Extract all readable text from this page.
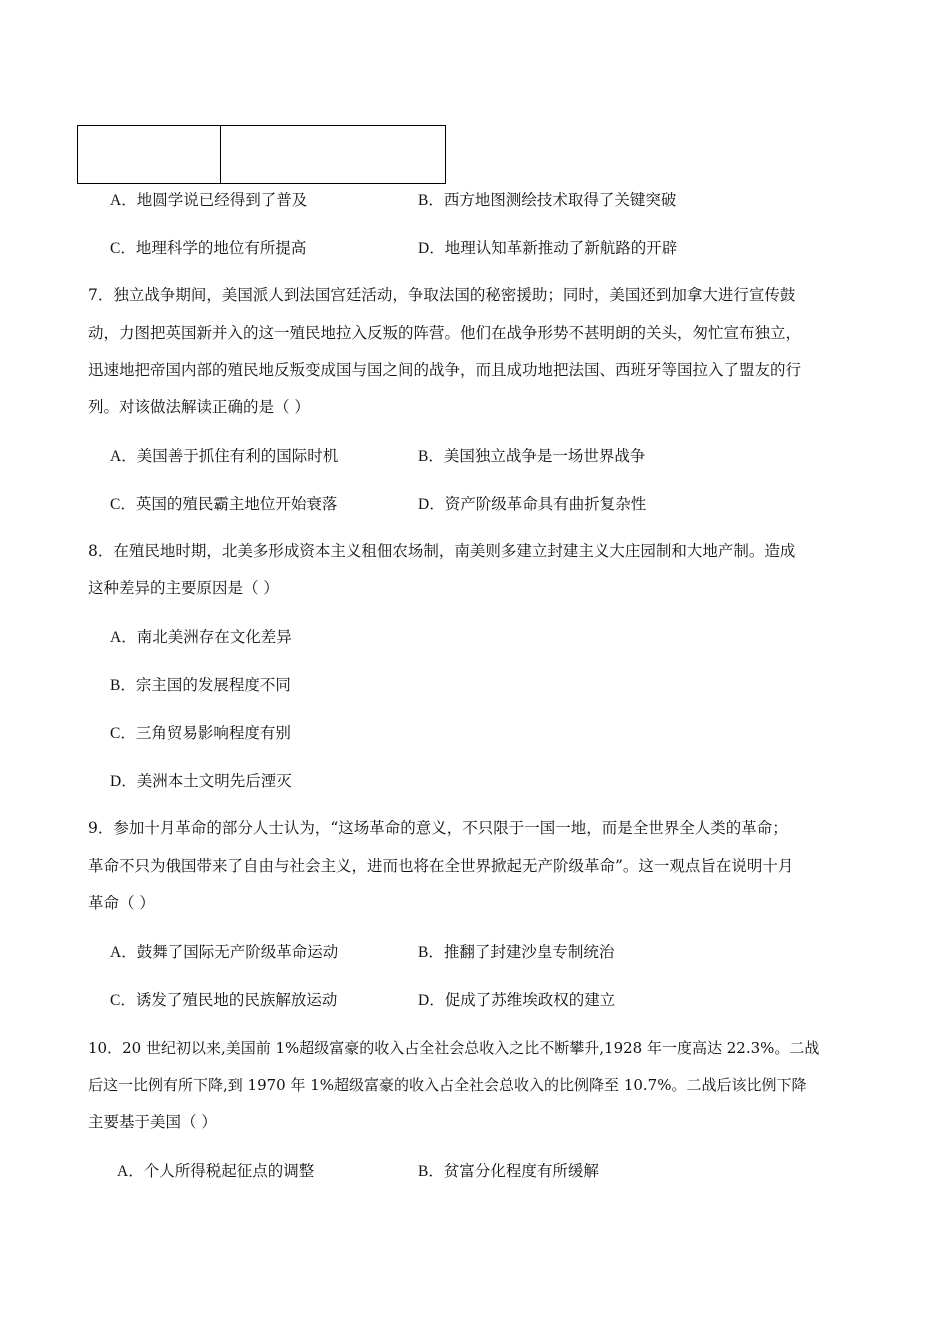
A．地圆学说已经得到了普及	B．西方地图测绘技术取得了关键突破
C．地理科学的地位有所提高	D．地理认知革新推动了新航路的开辟
7．独立战争期间，美国派人到法国宫廷活动，争取法国的秘密援助；同时，美国还到加拿大进行宣传鼓
动，力图把英国新并入的这一殖民地拉入反叛的阵营。他们在战争形势不甚明朗的关头，匆忙宣布独立，
迅速地把帝国内部的殖民地反叛变成国与国之间的战争，而且成功地把法国、西班牙等国拉入了盟友的行
列。对该做法解读正确的是（ ）
A．美国善于抓住有利的国际时机	B．美国独立战争是一场世界战争
C．英国的殖民霸主地位开始衰落	D．资产阶级革命具有曲折复杂性
8．在殖民地时期，北美多形成资本主义租佃农场制，南美则多建立封建主义大庄园制和大地产制。造成
这种差异的主要原因是（ ）
A．南北美洲存在文化差异
B．宗主国的发展程度不同
C．三角贸易影响程度有别
D．美洲本土文明先后湮灭
9．参加十月革命的部分人士认为，“这场革命的意义，不只限于一国一地，而是全世界全人类的革命；
革命不只为俄国带来了自由与社会主义，进而也将在全世界掀起无产阶级革命”。这一观点旨在说明十月
革命（ ）
A．鼓舞了国际无产阶级革命运动	B．推翻了封建沙皇专制统治
C．诱发了殖民地的民族解放运动	D．促成了苏维埃政权的建立
10．20 世纪初以来,美国前 1%超级富豪的收入占全社会总收入之比不断攀升,1928 年一度高达 22.3%。二战
后这一比例有所下降,到 1970 年 1%超级富豪的收入占全社会总收入的比例降至 10.7%。二战后该比例下降
主要基于美国（ ）
A．个人所得税起征点的调整	B．贫富分化程度有所缓解
